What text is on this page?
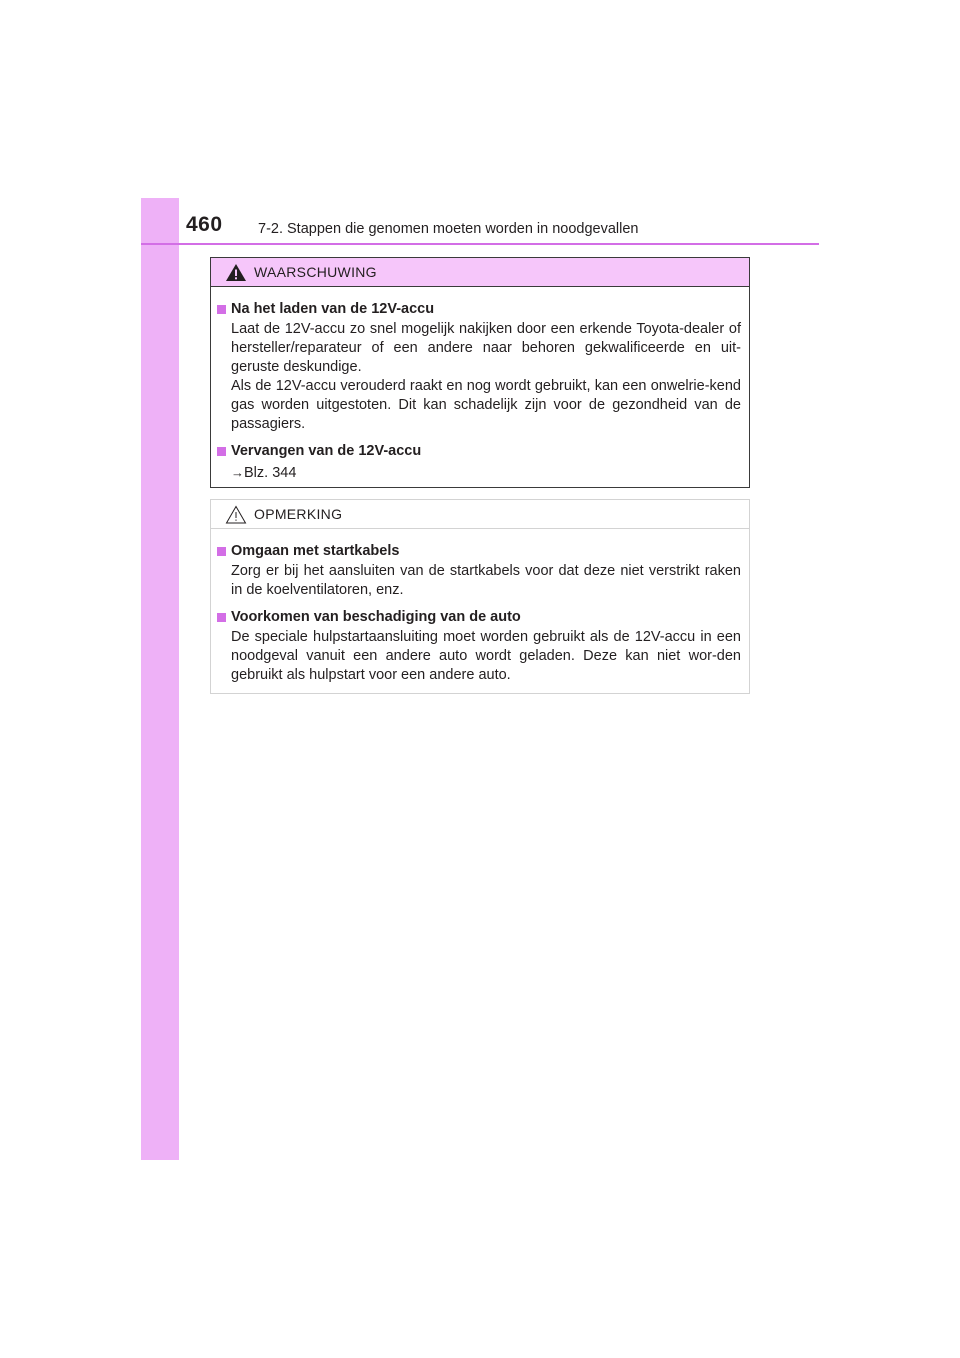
460 7-2. Stappen die genomen moeten worden in noodgevallen
WAARSCHUWING
Na het laden van de 12V-accu
Laat de 12V-accu zo snel mogelijk nakijken door een erkende Toyota-dealer of hersteller/reparateur of een andere naar behoren gekwalificeerde en uit-geruste deskundige.
Als de 12V-accu verouderd raakt en nog wordt gebruikt, kan een onwelrie-kend gas worden uitgestoten. Dit kan schadelijk zijn voor de gezondheid van de passagiers.
Vervangen van de 12V-accu
→Blz. 344
OPMERKING
Omgaan met startkabels
Zorg er bij het aansluiten van de startkabels voor dat deze niet verstrikt raken in de koelventilatoren, enz.
Voorkomen van beschadiging van de auto
De speciale hulpstartaansluiting moet worden gebruikt als de 12V-accu in een noodgeval vanuit een andere auto wordt geladen. Deze kan niet wor-den gebruikt als hulpstart voor een andere auto.
